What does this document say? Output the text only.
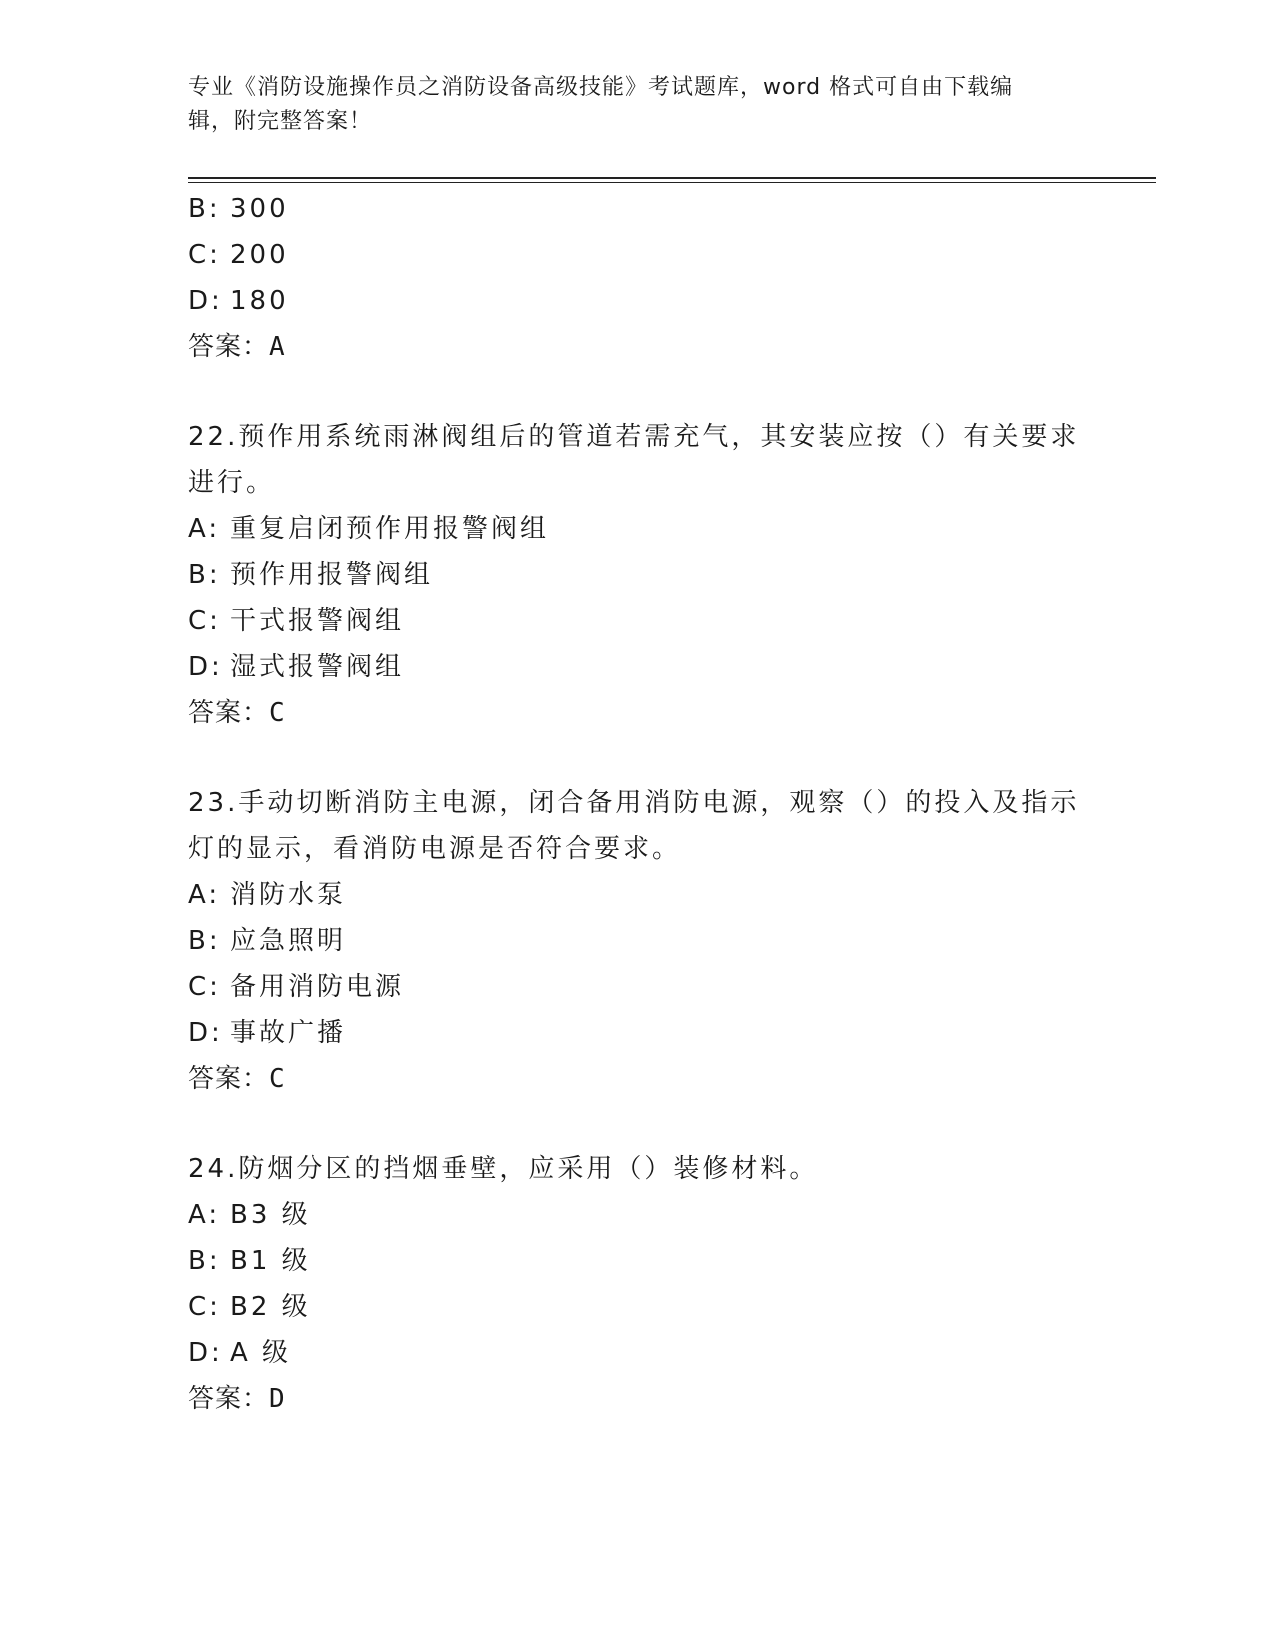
专业《消防设施操作员之消防设备高级技能》考试题库，word 格式可自由下载编
辑，附完整答案！
B: 300
C: 200
D: 180
答案：A
22.预作用系统雨淋阀组后的管道若需充气，其安装应按（）有关要求
进行。
A: 重复启闭预作用报警阀组
B: 预作用报警阀组
C: 干式报警阀组
D: 湿式报警阀组
答案：C
23.手动切断消防主电源，闭合备用消防电源，观察（）的投入及指示
灯的显示，看消防电源是否符合要求。
A: 消防水泵
B: 应急照明
C: 备用消防电源
D: 事故广播
答案：C
24.防烟分区的挡烟垂壁，应采用（）装修材料。
A: B3 级
B: B1 级
C: B2 级
D: A 级
答案：D
